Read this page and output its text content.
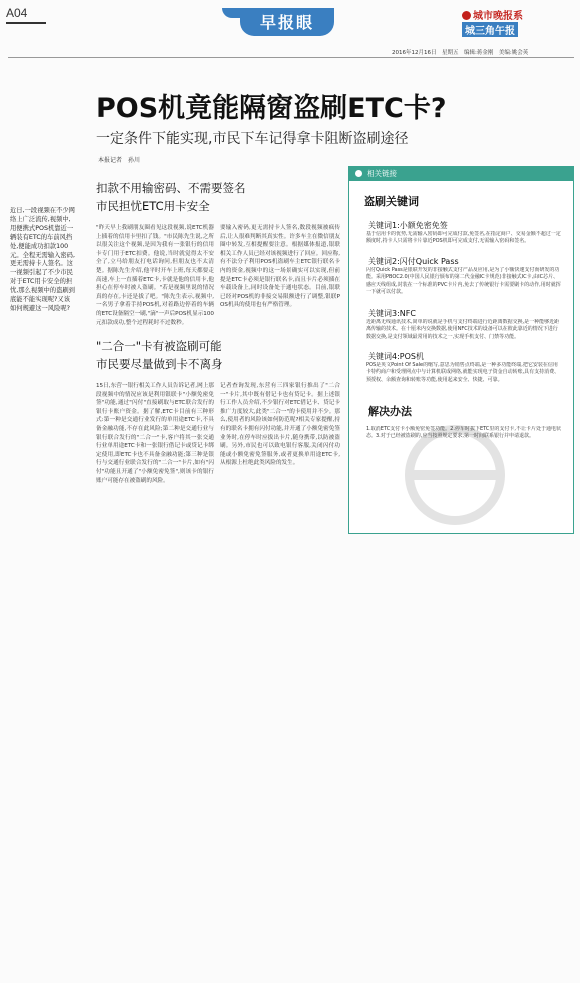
A04	早报眼	城市晚报系 城三角午报
2016年12月16日　星期五　编辑:蒋金刚　美编:姚会英
POS机竟能隔窗盗刷ETC卡?
一定条件下能实现,市民下车记得拿卡阻断盗刷途径
本报记者　孙川
近日,一段视频在不少网络上广泛流传,视频中,用便携式POS机靠近一辆装有ETC的车前风挡处,便能成功扣款100元。全程无需输入密码,更无需持卡人签名。这一视频引起了不少市民对于ETC用卡安全的担忧,那么视频中的盗刷到底能不能实现呢?又该如何规避这一风险呢?
扣款不用输密码、不需要签名
市民担忧ETC用卡安全
"昨天早上我刷朋友圈看见这段视频,说ETC机器上插着的信用卡里扣了钱。"市民陈先生说,之所以很关注这个视频,是因为我有一张银行的信用卡专门用于ETC扣费。他说,当时就觉得太不安全了,立马给朋友打电话询问,但朋友也不太清楚。据陈先生介绍,他平时开车上班,每天都要走高速,车上一直插着ETC卡,卡就是他的信用卡,他担心在停车时被人盗刷。"若是视频里说的情况真的存在,卡还是拔了吧。"陈先生表示,视频中,一名男子拿着手持POS机,对着路边停着的车辆的ETC设备隔空一刷,"滴"一声后POS机显示100元扣款成功,整个过程耗时不过数秒。
要输入密码,更无需持卡人签名,数段视频被疯传后,让人很难判断其真实性。许多车主在微信朋友圈中转发,互相提醒要注意。根据媒体报道,银联相关工作人员已经对该视频进行了回应。回应称,有不法分子利用POS机盗刷车主ETC银行联名卡内的资金,视频中的这一场景确实可以实现,但前提是ETC卡必须是银行联名卡,而且卡片必须插在车载设备上,同时设备处于通电状态。目前,银联已经对POS机的非接交易限额进行了调整,银联POS机具的使用也有严格管理。
"二合一"卡有被盗刷可能
市民要尽量做到卡不离身
15日,东营一银行相关工作人员告诉记者,网上那段视频中的情况应该是利用银联卡"小额免密免签"功能,通过"闪付"直接刷取与ETC联合发行的银行卡账户资金。据了解,ETC卡目前有三种形式:第一种是交通行业发行的单用途ETC卡,不具备金融功能,不存在此风险;第二种是交通行业与银行联合发行的"二合一"卡,客户将其一张交通行业单用途ETC卡和一张银行借记卡或贷记卡绑定使用,即ETC卡也不具备金融功能;第三种是银行与交通行业联合发行的"二合一"卡片,如有"闪付"功能且开通了"小额免密免签",则该卡的银行账户可能存在被盗刷的风险。
记者查询发现,东营有三四家银行推出了"二合一"卡片,其中既有借记卡也有贷记卡。据上述银行工作人员介绍,不少银行对ETC借记卡、贷记卡推广力度较大,此类"二合一"的卡使用并不少。那么,使用者的风险该如何防范呢?相关专家提醒,持有的联名卡拥有闪付功能,并开通了小额免密免签业务时,在停车时应拔出卡片,随身携带,以防被盗刷。另外,市民也可以致电银行客服,关闭闪付功能或小额免密免签服务,或者更换单用途ETC卡,从根源上杜绝此类风险的发生。
相关链接
盗刷关键词
关键词1:小额免密免签
基于信用卡的优势,无需输入密码即可完成付款,免签名,在指定商户、交易金额不超过一定额度时,持卡人只需将卡片靠近POS机即可完成支付,无需输入密码和签名。
关键词2:闪付Quick Pass
闪付Quick Pass是银联开发的非接触式支付产品及应用,是为了小额快速支付而研发的功能。采用PBOC2.0(中国人民银行颁布的第二代金融IC卡规范)非接触式IC卡,由IC芯片、感应天线组成,封装在一个标准的PVC卡片内,免去了传统银行卡需要刷卡的动作,用时就挥一下就可以付款。
关键词3:NFC
近距离无线通讯技术,简单的说就是手机与支付终端进行近距离数据交换,是一种能够近距离传输的技术。在十厘米内交换数据,使用NFC技术的设备可以在彼此靠近的情况下进行数据交换,是支付领域最常用的技术之一,实现手机支付、门禁等功能。
关键词4:POS机
POS是英文Point Of Sale的缩写,意思为销售点终端,是一种多功能终端,把它安装在信用卡特约商户和受理网点中与计算机联成网络,就能实现电子资金自动转账,具有支持消费、预授权、余额查询和转账等功能,使用起来安全、快捷、可靠。
解决办法
1.取消ETC支付卡小额免密免签功能。2.停车时拔下ETC里的支付卡,不让卡片处于通电状态。3.对于已经被盗刷的,应当按照规定要求,第一时间联系银行并申请退款。
